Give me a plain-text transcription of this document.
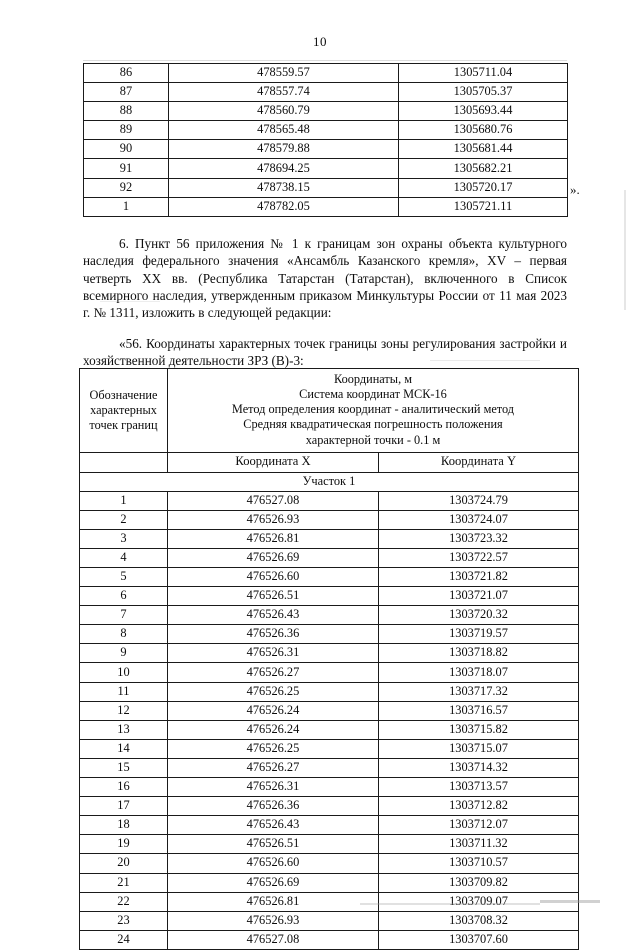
10
86	478559.57	1305711.04
87	478557.74	1305705.37
88	478560.79	1305693.44
89	478565.48	1305680.76
90	478579.88	1305681.44
91	478694.25	1305682.21
92	478738.15	1305720.17
1	478782.05	1305721.11
».

6. Пункт 56 приложения № 1 к границам зон охраны объекта культурного наследия федерального значения «Ансамбль Казанского кремля», XV – первая четверть XX вв. (Республика Татарстан (Татарстан), включенного в Список всемирного наследия, утвержденным приказом Минкультуры России от 11 мая 2023 г. № 1311, изложить в следующей редакции:

«56. Координаты характерных точек границы зоны регулирования застройки и хозяйственной деятельности ЗРЗ (В)-3:

Обозначение характерных точек границ	Координаты, м
Система координат МСК-16
Метод определения координат - аналитический метод
Средняя квадратическая погрешность положения
характерной точки - 0.1 м	

	Координата X	Координата Y
Участок 1		
1	476527.08	1303724.79
2	476526.93	1303724.07
3	476526.81	1303723.32
4	476526.69	1303722.57
5	476526.60	1303721.82
6	476526.51	1303721.07
7	476526.43	1303720.32
8	476526.36	1303719.57
9	476526.31	1303718.82
10	476526.27	1303718.07
11	476526.25	1303717.32
12	476526.24	1303716.57
13	476526.24	1303715.82
14	476526.25	1303715.07
15	476526.27	1303714.32
16	476526.31	1303713.57
17	476526.36	1303712.82
18	476526.43	1303712.07
19	476526.51	1303711.32
20	476526.60	1303710.57
21	476526.69	1303709.82
22	476526.81	1303709.07
23	476526.93	1303708.32
24	476527.08	1303707.60
